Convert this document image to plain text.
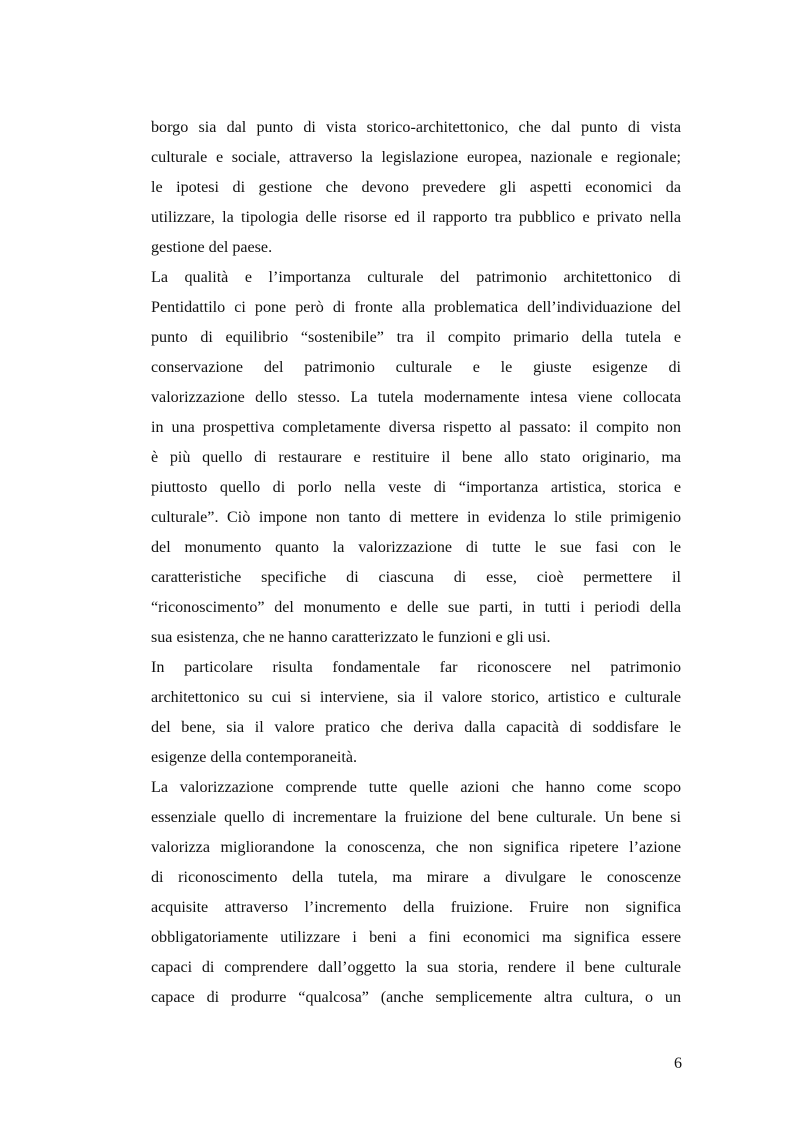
borgo sia dal punto di vista storico-architettonico, che dal punto di vista
culturale e sociale, attraverso la legislazione europea, nazionale e regionale;
le ipotesi di gestione che devono prevedere gli aspetti economici da
utilizzare, la tipologia delle risorse ed il rapporto tra pubblico e privato nella
gestione del paese.
La qualità e l’importanza culturale del patrimonio architettonico di
Pentidattilo ci pone però di fronte alla problematica dell’individuazione del
punto di equilibrio “sostenibile” tra il compito primario della tutela e
conservazione del patrimonio culturale e le giuste esigenze di
valorizzazione dello stesso. La tutela modernamente intesa viene collocata
in una prospettiva completamente diversa rispetto al passato: il compito non
è più quello di restaurare e restituire il bene allo stato originario, ma
piuttosto quello di porlo nella veste di “importanza artistica, storica e
culturale”. Ciò impone non tanto di mettere in evidenza lo stile primigenio
del monumento quanto la valorizzazione di tutte le sue fasi con le
caratteristiche specifiche di ciascuna di esse, cioè permettere il
“riconoscimento” del monumento e delle sue parti, in tutti i periodi della
sua esistenza, che ne hanno caratterizzato le funzioni e gli usi.
In particolare risulta fondamentale far riconoscere nel patrimonio
architettonico su cui si interviene, sia il valore storico, artistico e culturale
del bene, sia il valore pratico che deriva dalla capacità di soddisfare le
esigenze della contemporaneità.
La valorizzazione comprende tutte quelle azioni che hanno come scopo
essenziale quello di incrementare la fruizione del bene culturale. Un bene si
valorizza migliorandone la conoscenza, che non significa ripetere l’azione
di riconoscimento della tutela, ma mirare a divulgare le conoscenze
acquisite attraverso l’incremento della fruizione. Fruire non significa
obbligatoriamente utilizzare i beni a fini economici ma significa essere
capaci di comprendere dall’oggetto la sua storia, rendere il bene culturale
capace di produrre “qualcosa” (anche semplicemente altra cultura, o un
6
